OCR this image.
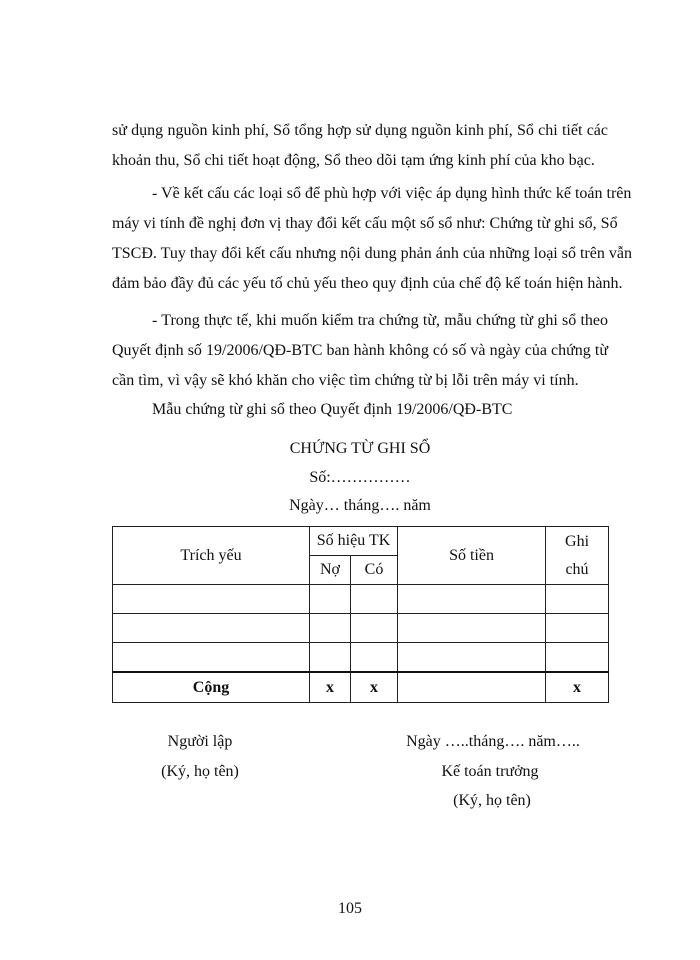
sử dụng nguồn kinh phí, Sổ tổng hợp sử dụng nguồn kinh phí, Sổ chi tiết các
khoản thu, Sổ chi tiết hoạt động, Sổ theo dõi tạm ứng kinh phí của kho bạc.
- Về kết cấu các loại sổ để phù hợp với việc áp dụng hình thức kế toán trên
máy vi tính đề nghị đơn vị thay đổi kết cấu một số sổ như: Chứng từ ghi sổ, Sổ
TSCĐ. Tuy thay đổi kết cấu nhưng nội dung phản ánh của những loại sổ trên vẫn
đảm bảo đầy đủ các yếu tố chủ yếu theo quy định của chế độ kế toán hiện hành.
- Trong thực tế, khi muốn kiểm tra chứng từ, mẫu chứng từ ghi sổ theo
Quyết định số 19/2006/QĐ-BTC ban hành không có số và ngày của chứng từ
cần tìm, vì vậy sẽ khó khăn cho việc tìm chứng từ bị lỗi trên máy vi tính.
Mẫu chứng từ ghi sổ theo Quyết định 19/2006/QĐ-BTC
CHỨNG TỪ GHI SỔ
Số:……………
Ngày… tháng…. năm
Trích yếu	Số hiệu TK		Số tiền	Ghi
chú

	Nợ	Có		

Cộng	x	x		x
Người lập
(Ký, họ tên)
Ngày …..tháng…. năm…..
Kế toán trưởng
(Ký, họ tên)
105
